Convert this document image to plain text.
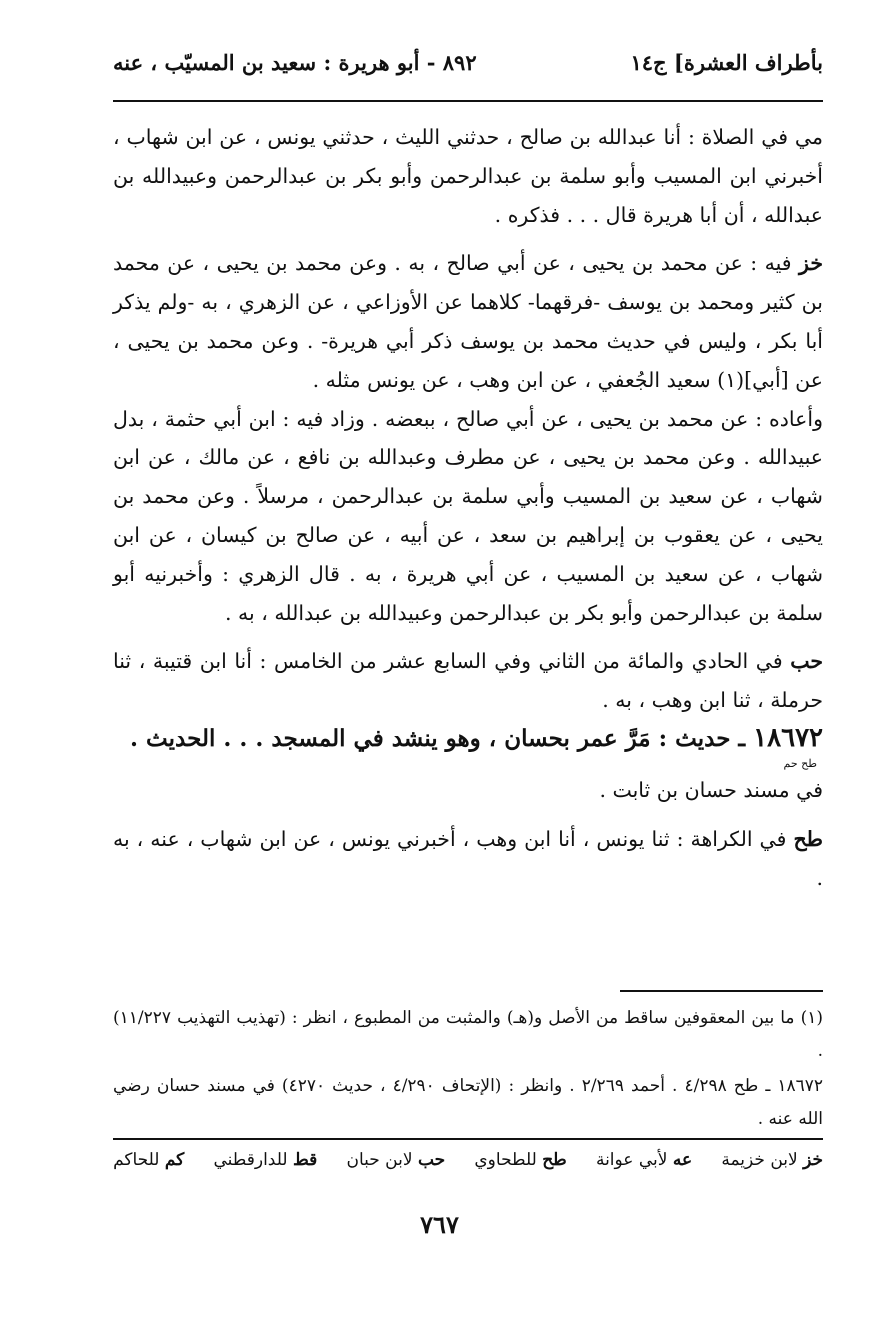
بأطراف العشرة] ج١٤
٨٩٢ - أبو هريرة : سعيد بن المسيّب ، عنه

مي في الصلاة : أنا عبدالله بن صالح ، حدثني الليث ، حدثني يونس ، عن ابن شهاب ، أخبرني ابن المسيب وأبو سلمة بن عبدالرحمن وأبو بكر بن عبدالرحمن وعبيدالله بن عبدالله ، أن أبا هريرة قال . . . فذكره .

خز فيه : عن محمد بن يحيى ، عن أبي صالح ، به . وعن محمد بن يحيى ، عن محمد بن كثير ومحمد بن يوسف -فرقهما- كلاهما عن الأوزاعي ، عن الزهري ، به -ولم يذكر أبا بكر ، وليس في حديث محمد بن يوسف ذكر أبي هريرة- . وعن محمد بن يحيى ، عن [أبي](١) سعيد الجُعفي ، عن ابن وهب ، عن يونس مثله .

وأعاده : عن محمد بن يحيى ، عن أبي صالح ، ببعضه . وزاد فيه : ابن أبي حثمة ، بدل عبيدالله . وعن محمد بن يحيى ، عن مطرف وعبدالله بن نافع ، عن مالك ، عن ابن شهاب ، عن سعيد بن المسيب وأبي سلمة بن عبدالرحمن ، مرسلاً . وعن محمد بن يحيى ، عن يعقوب بن إبراهيم بن سعد ، عن أبيه ، عن صالح بن كيسان ، عن ابن شهاب ، عن سعيد بن المسيب ، عن أبي هريرة ، به . قال الزهري : وأخبرنيه أبو سلمة بن عبدالرحمن وأبو بكر بن عبدالرحمن وعبيدالله بن عبدالله ، به .

حب في الحادي والمائة من الثاني وفي السابع عشر من الخامس : أنا ابن قتيبة ، ثنا حرملة ، ثنا ابن وهب ، به .

١٨٦٧٢ ـ حديث : مَرَّ عمر بحسان ، وهو ينشد في المسجد . . . الحديث .

طح حم

في مسند حسان بن ثابت .

طح في الكراهة : ثنا يونس ، أنا ابن وهب ، أخبرني يونس ، عن ابن شهاب ، عنه ، به .

(١) ما بين المعقوفين ساقط من الأصل و(هـ) والمثبت من المطبوع ، انظر : (تهذيب التهذيب ١١/٢٢٧) .

١٨٦٧٢ ـ طح ٤/٢٩٨ . أحمد ٢/٢٦٩ . وانظر : (الإتحاف ٤/٢٩٠ ، حديث ٤٢٧٠) في مسند حسان رضي الله عنه .

خز لابن خزيمة
عه لأبي عوانة
طح للطحاوي
حب لابن حبان
قط للدارقطني
كم للحاكم
٧٦٧
